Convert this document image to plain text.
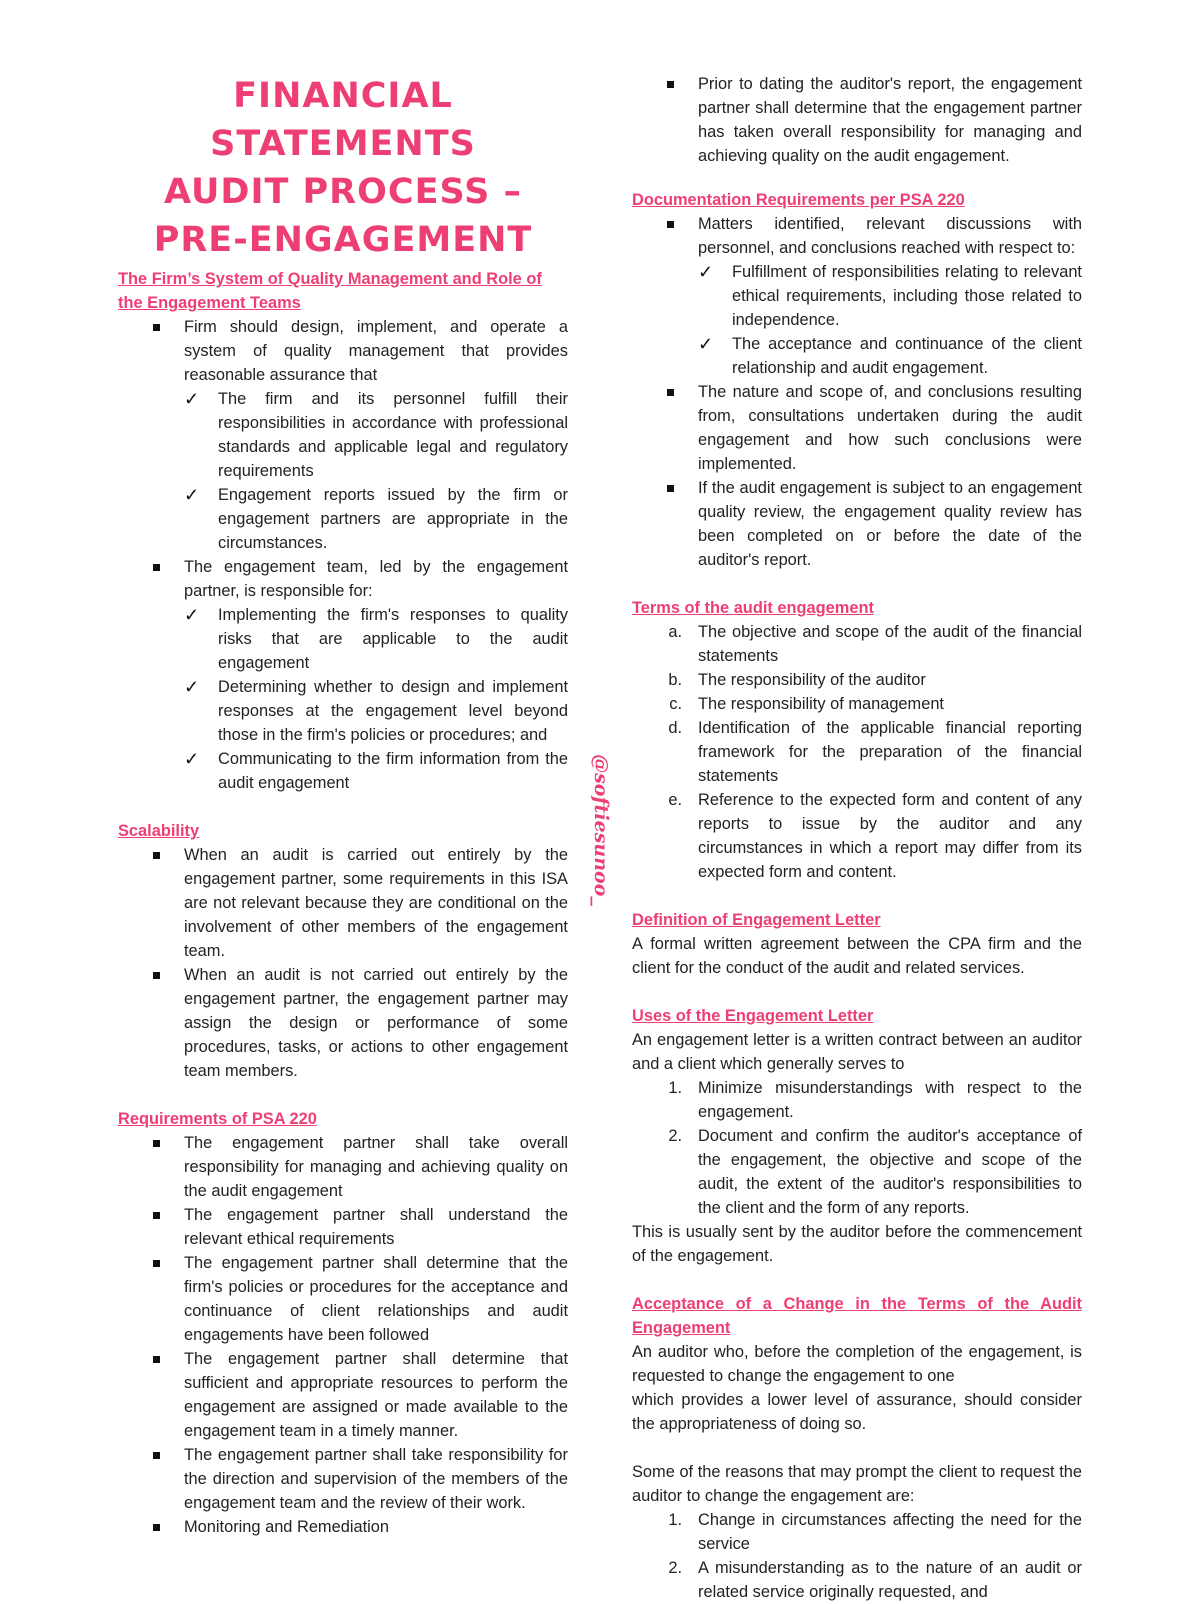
FINANCIAL STATEMENTS
AUDIT PROCESS –
PRE-ENGAGEMENT
The Firm’s System of Quality Management and Role of the Engagement Teams
Firm should design, implement, and operate a system of quality management that provides reasonable assurance that
✓ The firm and its personnel fulfill their responsibilities in accordance with professional standards and applicable legal and regulatory requirements
✓ Engagement reports issued by the firm or engagement partners are appropriate in the circumstances.
The engagement team, led by the engagement partner, is responsible for:
✓ Implementing the firm's responses to quality risks that are applicable to the audit engagement
✓ Determining whether to design and implement responses at the engagement level beyond those in the firm's policies or procedures; and
✓ Communicating to the firm information from the audit engagement
Scalability
When an audit is carried out entirely by the engagement partner, some requirements in this ISA are not relevant because they are conditional on the involvement of other members of the engagement team.
When an audit is not carried out entirely by the engagement partner, the engagement partner may assign the design or performance of some procedures, tasks, or actions to other engagement team members.
Requirements of PSA 220
The engagement partner shall take overall responsibility for managing and achieving quality on the audit engagement
The engagement partner shall understand the relevant ethical requirements
The engagement partner shall determine that the firm's policies or procedures for the acceptance and continuance of client relationships and audit engagements have been followed
The engagement partner shall determine that sufficient and appropriate resources to perform the engagement are assigned or made available to the engagement team in a timely manner.
The engagement partner shall take responsibility for the direction and supervision of the members of the engagement team and the review of their work.
Monitoring and Remediation
@softiesunoo_
Prior to dating the auditor's report, the engagement partner shall determine that the engagement partner has taken overall responsibility for managing and achieving quality on the audit engagement.
Documentation Requirements per PSA 220
Matters identified, relevant discussions with personnel, and conclusions reached with respect to:
✓ Fulfillment of responsibilities relating to relevant ethical requirements, including those related to independence.
✓ The acceptance and continuance of the client relationship and audit engagement.
The nature and scope of, and conclusions resulting from, consultations undertaken during the audit engagement and how such conclusions were implemented.
If the audit engagement is subject to an engagement quality review, the engagement quality review has been completed on or before the date of the auditor's report.
Terms of the audit engagement
a. The objective and scope of the audit of the financial statements
b. The responsibility of the auditor
c. The responsibility of management
d. Identification of the applicable financial reporting framework for the preparation of the financial statements
e. Reference to the expected form and content of any reports to issue by the auditor and any circumstances in which a report may differ from its expected form and content.
Definition of Engagement Letter

A formal written agreement between the CPA firm and the client for the conduct of the audit and related services.

Uses of the Engagement Letter

An engagement letter is a written contract between an auditor and a client which generally serves to

1. Minimize misunderstandings with respect to the engagement.
2. Document and confirm the auditor's acceptance of the engagement, the objective and scope of the audit, the extent of the auditor's responsibilities to the client and the form of any reports.

This is usually sent by the auditor before the commencement of the engagement.

Acceptance of a Change in the Terms of the Audit Engagement

An auditor who, before the completion of the engagement, is requested to change the engagement to one

which provides a lower level of assurance, should consider the appropriateness of doing so.

Some of the reasons that may prompt the client to request the auditor to change the engagement are:

1. Change in circumstances affecting the need for the service
2. A misunderstanding as to the nature of an audit or related service originally requested, and
